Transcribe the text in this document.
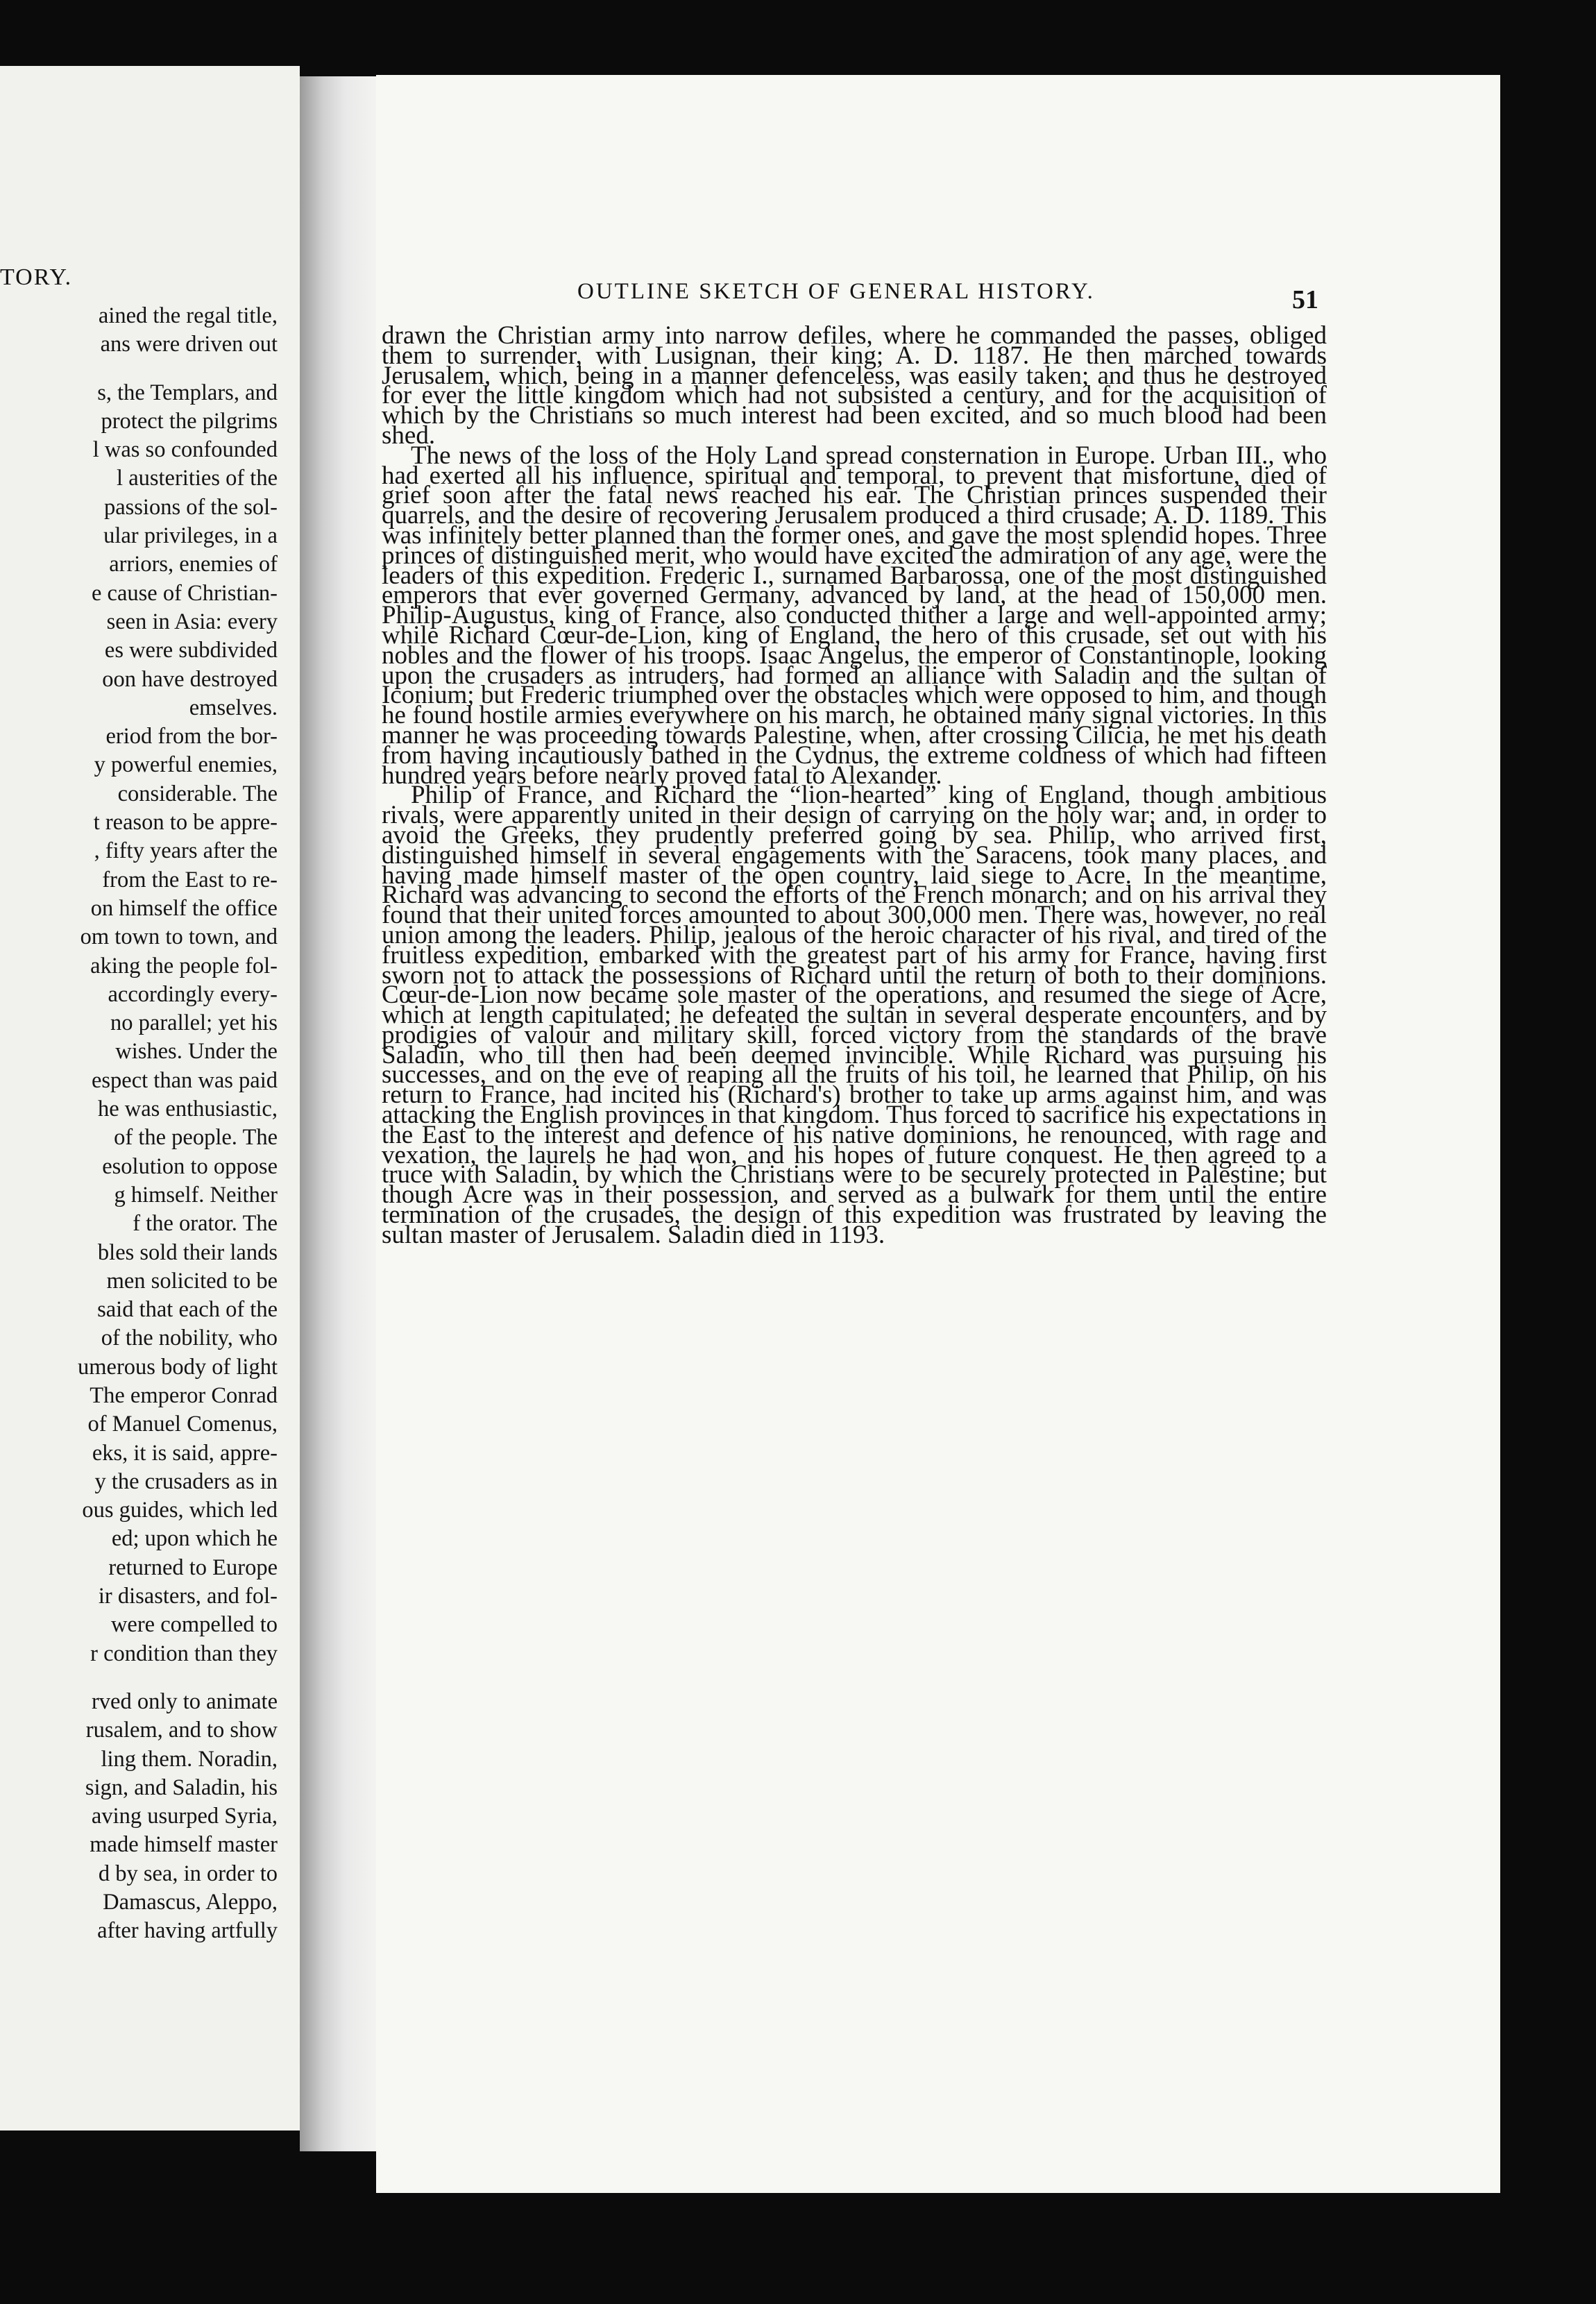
TORY.
ained the regal title,
ans were driven out
s, the Templars, and
protect the pilgrims
l was so confounded
l austerities of the
passions of the sol-
ular privileges, in a
arriors, enemies of
e cause of Christian-
seen in Asia: every
es were subdivided
oon have destroyed
emselves.
eriod from the bor-
y powerful enemies,
considerable. The
t reason to be appre-
, fifty years after the
from the East to re-
on himself the office
om town to town, and
aking the people fol-
accordingly every-
no parallel; yet his
wishes. Under the
espect than was paid
he was enthusiastic,
of the people. The
esolution to oppose
g himself. Neither
f the orator. The
bles sold their lands
men solicited to be
said that each of the
of the nobility, who
umerous body of light
The emperor Conrad
of Manuel Comenus,
eks, it is said, appre-
y the crusaders as in
ous guides, which led
ed; upon which he
returned to Europe
ir disasters, and fol-
were compelled to
r condition than they
rved only to animate
rusalem, and to show
ling them. Noradin,
sign, and Saladin, his
aving usurped Syria,
made himself master
d by sea, in order to
Damascus, Aleppo,
after having artfully
OUTLINE SKETCH OF GENERAL HISTORY.	51

drawn the Christian army into narrow defiles, where he commanded the passes, obliged them to surrender, with Lusignan, their king; A. D. 1187. He then marched towards Jerusalem, which, being in a manner defenceless, was easily taken; and thus he destroyed for ever the little kingdom which had not subsisted a century, and for the acquisition of which by the Christians so much interest had been excited, and so much blood had been shed.

The news of the loss of the Holy Land spread consternation in Europe. Urban III., who had exerted all his influence, spiritual and temporal, to prevent that misfortune, died of grief soon after the fatal news reached his ear. The Christian princes suspended their quarrels, and the desire of recovering Jerusalem produced a third crusade; A. D. 1189. This was infinitely better planned than the former ones, and gave the most splendid hopes. Three princes of distinguished merit, who would have excited the admiration of any age, were the leaders of this expedition. Frederic I., surnamed Barbarossa, one of the most distinguished emperors that ever governed Germany, advanced by land, at the head of 150,000 men. Philip-Augustus, king of France, also conducted thither a large and well-appointed army; while Richard Cœur-de-Lion, king of England, the hero of this crusade, set out with his nobles and the flower of his troops. Isaac Angelus, the emperor of Constantinople, looking upon the crusaders as intruders, had formed an alliance with Saladin and the sultan of Iconium; but Frederic triumphed over the obstacles which were opposed to him, and though he found hostile armies everywhere on his march, he obtained many signal victories. In this manner he was proceeding towards Palestine, when, after crossing Cilicia, he met his death from having incautiously bathed in the Cydnus, the extreme coldness of which had fifteen hundred years before nearly proved fatal to Alexander.

Philip of France, and Richard the “lion-hearted” king of England, though ambitious rivals, were apparently united in their design of carrying on the holy war; and, in order to avoid the Greeks, they prudently preferred going by sea. Philip, who arrived first, distinguished himself in several engagements with the Saracens, took many places, and having made himself master of the open country, laid siege to Acre. In the meantime, Richard was advancing to second the efforts of the French monarch; and on his arrival they found that their united forces amounted to about 300,000 men. There was, however, no real union among the leaders. Philip, jealous of the heroic character of his rival, and tired of the fruitless expedition, embarked with the greatest part of his army for France, having first sworn not to attack the possessions of Richard until the return of both to their dominions. Cœur-de-Lion now became sole master of the operations, and resumed the siege of Acre, which at length capitulated; he defeated the sultan in several desperate encounters, and by prodigies of valour and military skill, forced victory from the standards of the brave Saladin, who till then had been deemed invincible. While Richard was pursuing his successes, and on the eve of reaping all the fruits of his toil, he learned that Philip, on his return to France, had incited his (Richard's) brother to take up arms against him, and was attacking the English provinces in that kingdom. Thus forced to sacrifice his expectations in the East to the interest and defence of his native dominions, he renounced, with rage and vexation, the laurels he had won, and his hopes of future conquest. He then agreed to a truce with Saladin, by which the Christians were to be securely protected in Palestine; but though Acre was in their possession, and served as a bulwark for them until the entire termination of the crusades, the design of this expedition was frustrated by leaving the sultan master of Jerusalem. Saladin died in 1193.
